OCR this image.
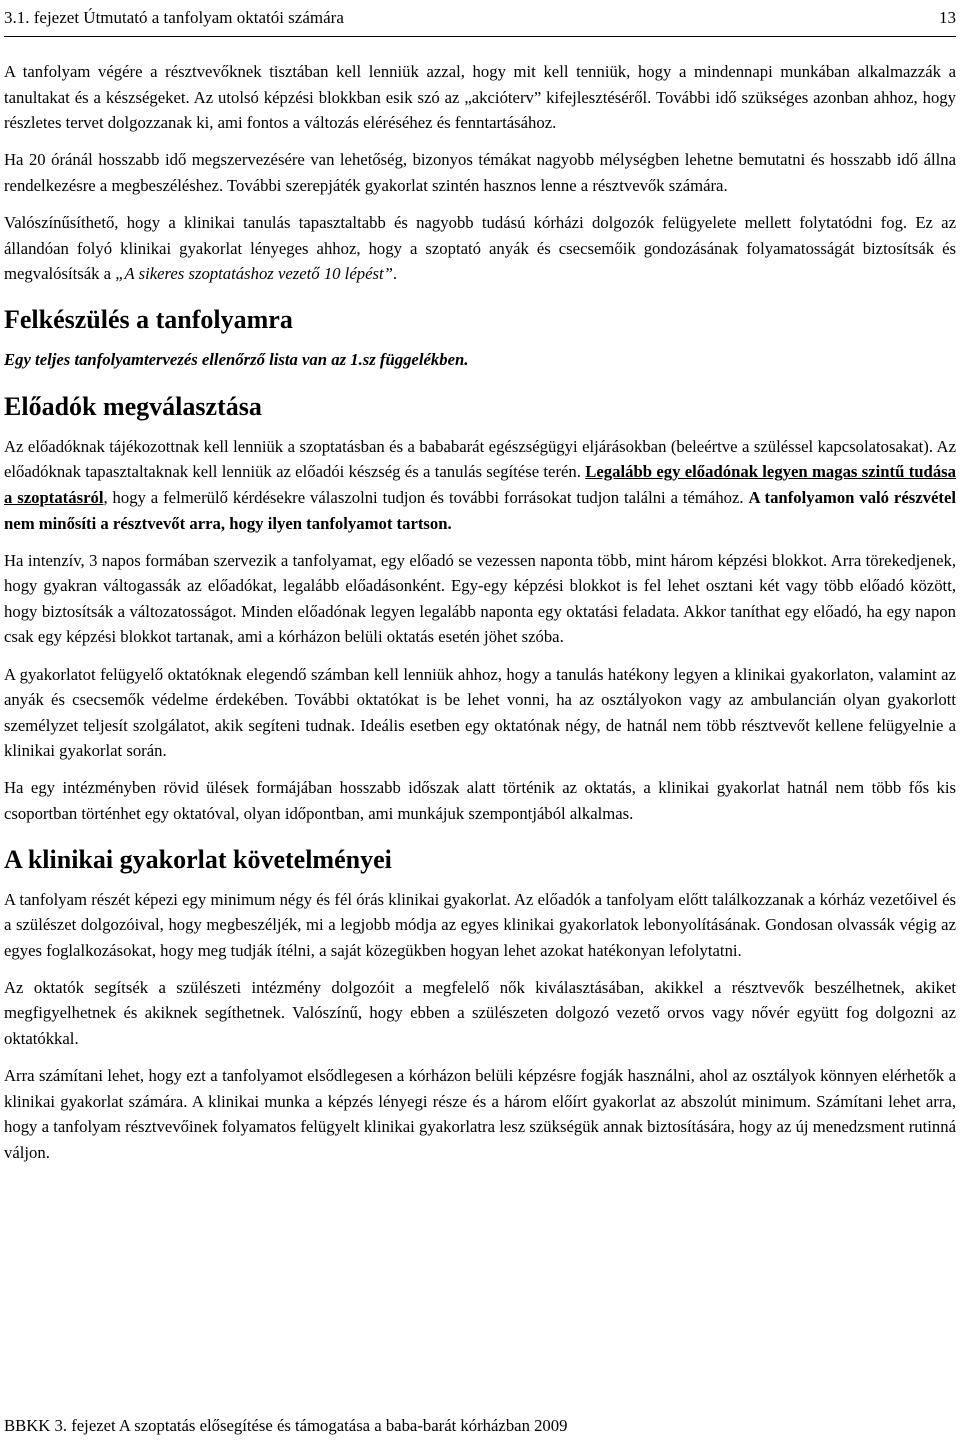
3.1. fejezet Útmutató a tanfolyam oktatói számára	13

A tanfolyam végére a résztvevőknek tisztában kell lenniük azzal, hogy mit kell tenniük, hogy a mindennapi munkában alkalmazzák a tanultakat és a készségeket. Az utolsó képzési blokkban esik szó az „akcióterv” kifejlesztéséről. További idő szükséges azonban ahhoz, hogy részletes tervet dolgozzanak ki, ami fontos a változás eléréséhez és fenntartásához.

Ha 20 óránál hosszabb idő megszervezésére van lehetőség, bizonyos témákat nagyobb mélységben lehetne bemutatni és hosszabb idő állna rendelkezésre a megbeszéléshez. További szerepjáték gyakorlat szintén hasznos lenne a résztvevők számára.

Valószínűsíthető, hogy a klinikai tanulás tapasztaltabb és nagyobb tudású kórházi dolgozók felügyelete mellett folytatódni fog. Ez az állandóan folyó klinikai gyakorlat lényeges ahhoz, hogy a szoptató anyák és csecsemőik gondozásának folyamatosságát biztosítsák és megvalósítsák a „A sikeres szoptatáshoz vezető 10 lépést”.

Felkészülés a tanfolyamra
Egy teljes tanfolyamtervezés ellenőrző lista van az 1.sz függelékben.
Előadók megválasztása

Az előadóknak tájékozottnak kell lenniük a szoptatásban és a bababarát egészségügyi eljárásokban (beleértve a szüléssel kapcsolatosakat). Az előadóknak tapasztaltaknak kell lenniük az előadói készség és a tanulás segítése terén. Legalább egy előadónak legyen magas szintű tudása a szoptatásról, hogy a felmerülő kérdésekre válaszolni tudjon és további forrásokat tudjon találni a témához. A tanfolyamon való részvétel nem minősíti a résztvevőt arra, hogy ilyen tanfolyamot tartson.

Ha intenzív, 3 napos formában szervezik a tanfolyamat, egy előadó se vezessen naponta több, mint három képzési blokkot. Arra törekedjenek, hogy gyakran váltogassák az előadókat, legalább előadásonként. Egy-egy képzési blokkot is fel lehet osztani két vagy több előadó között, hogy biztosítsák a változatosságot. Minden előadónak legyen legalább naponta egy oktatási feladata. Akkor taníthat egy előadó, ha egy napon csak egy képzési blokkot tartanak, ami a kórházon belüli oktatás esetén jöhet szóba.

A gyakorlatot felügyelő oktatóknak elegendő számban kell lenniük ahhoz, hogy a tanulás hatékony legyen a klinikai gyakorlaton, valamint az anyák és csecsemők védelme érdekében. További oktatókat is be lehet vonni, ha az osztályokon vagy az ambulancián olyan gyakorlott személyzet teljesít szolgálatot, akik segíteni tudnak. Ideális esetben egy oktatónak négy, de hatnál nem több résztvevőt kellene felügyelnie a klinikai gyakorlat során.

Ha egy intézményben rövid ülések formájában hosszabb időszak alatt történik az oktatás, a klinikai gyakorlat hatnál nem több fős kis csoportban történhet egy oktatóval, olyan időpontban, ami munkájuk szempontjából alkalmas.

A klinikai gyakorlat követelményei

A tanfolyam részét képezi egy minimum négy és fél órás klinikai gyakorlat. Az előadók a tanfolyam előtt találkozzanak a kórház vezetőivel és a szülészet dolgozóival, hogy megbeszéljék, mi a legjobb módja az egyes klinikai gyakorlatok lebonyolításának. Gondosan olvassák végig az egyes foglalkozásokat, hogy meg tudják ítélni, a saját közegükben hogyan lehet azokat hatékonyan lefolytatni.

Az oktatók segítsék a szülészeti intézmény dolgozóit a megfelelő nők kiválasztásában, akikkel a résztvevők beszélhetnek, akiket megfigyelhetnek és akiknek segíthetnek. Valószínű, hogy ebben a szülészeten dolgozó vezető orvos vagy nővér együtt fog dolgozni az oktatókkal.

Arra számítani lehet, hogy ezt a tanfolyamot elsődlegesen a kórházon belüli képzésre fogják használni, ahol az osztályok könnyen elérhetők a klinikai gyakorlat számára. A klinikai munka a képzés lényegi része és a három előírt gyakorlat az abszolút minimum. Számítani lehet arra, hogy a tanfolyam résztvevőinek folyamatos felügyelt klinikai gyakorlatra lesz szükségük annak biztosítására, hogy az új menedzsment rutinná váljon.

BBKK 3. fejezet A szoptatás elősegítése és támogatása a baba-barát kórházban 2009
